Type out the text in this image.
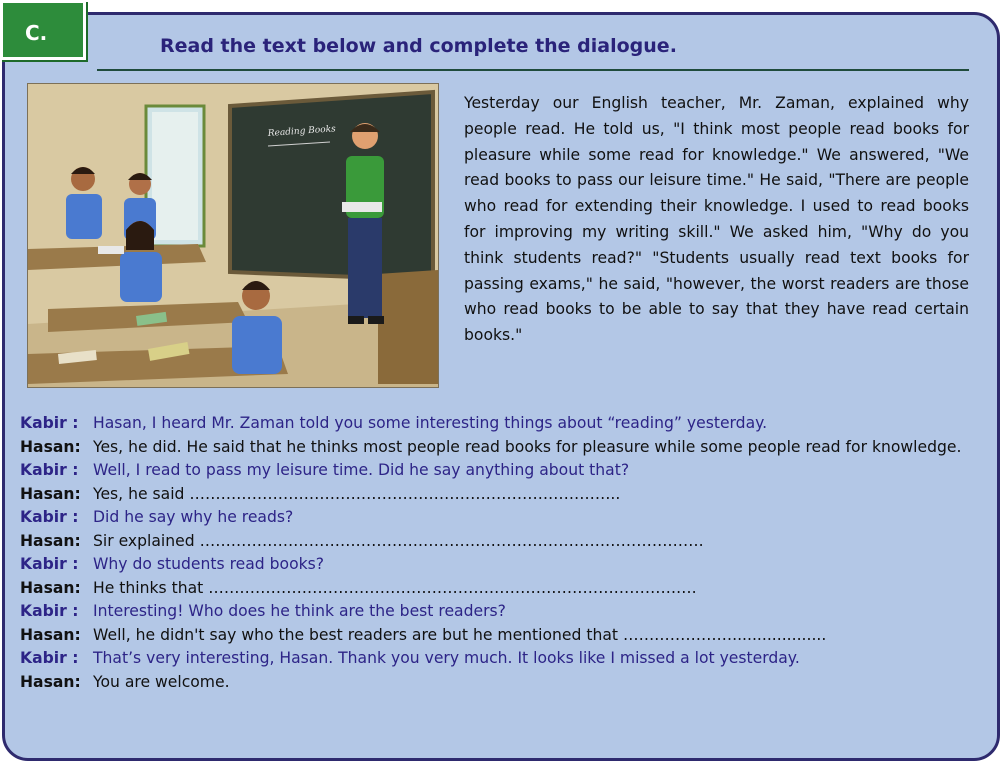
C.
Read the text below and complete the dialogue.
Reading Books
Yesterday our English teacher, Mr. Zaman, explained why people read. He told us, "I think most people read books for pleasure while some read for knowledge." We answered, "We read books to pass our leisure time." He said, "There are people who read for extending their knowledge. I used to read books for improving my writing skill." We asked him, "Why do you think students read?" "Students usually read text books for passing exams," he said, "however, the worst readers are those who read books to be able to say that they have read certain books."
Kabir : Hasan, I heard Mr. Zaman told you some interesting things about “reading” yesterday.
Hasan: Yes, he did. He said that he thinks most people read books for pleasure while some people read for knowledge.
Kabir : Well, I read to pass my leisure time. Did he say anything about that?
Hasan: Yes, he said ………………………………………………………………………..
Kabir : Did he say why he reads?
Hasan: Sir explained …………………………………………………………………………………….
Kabir : Why do students read books?
Hasan: He thinks that ………………………………………………………………………………….
Kabir : Interesting! Who does he think are the best readers?
Hasan: Well, he didn't say who the best readers are but he mentioned that …………………...................
Kabir : That’s very interesting, Hasan. Thank you very much. It looks like I missed a lot yesterday.
Hasan: You are welcome.
